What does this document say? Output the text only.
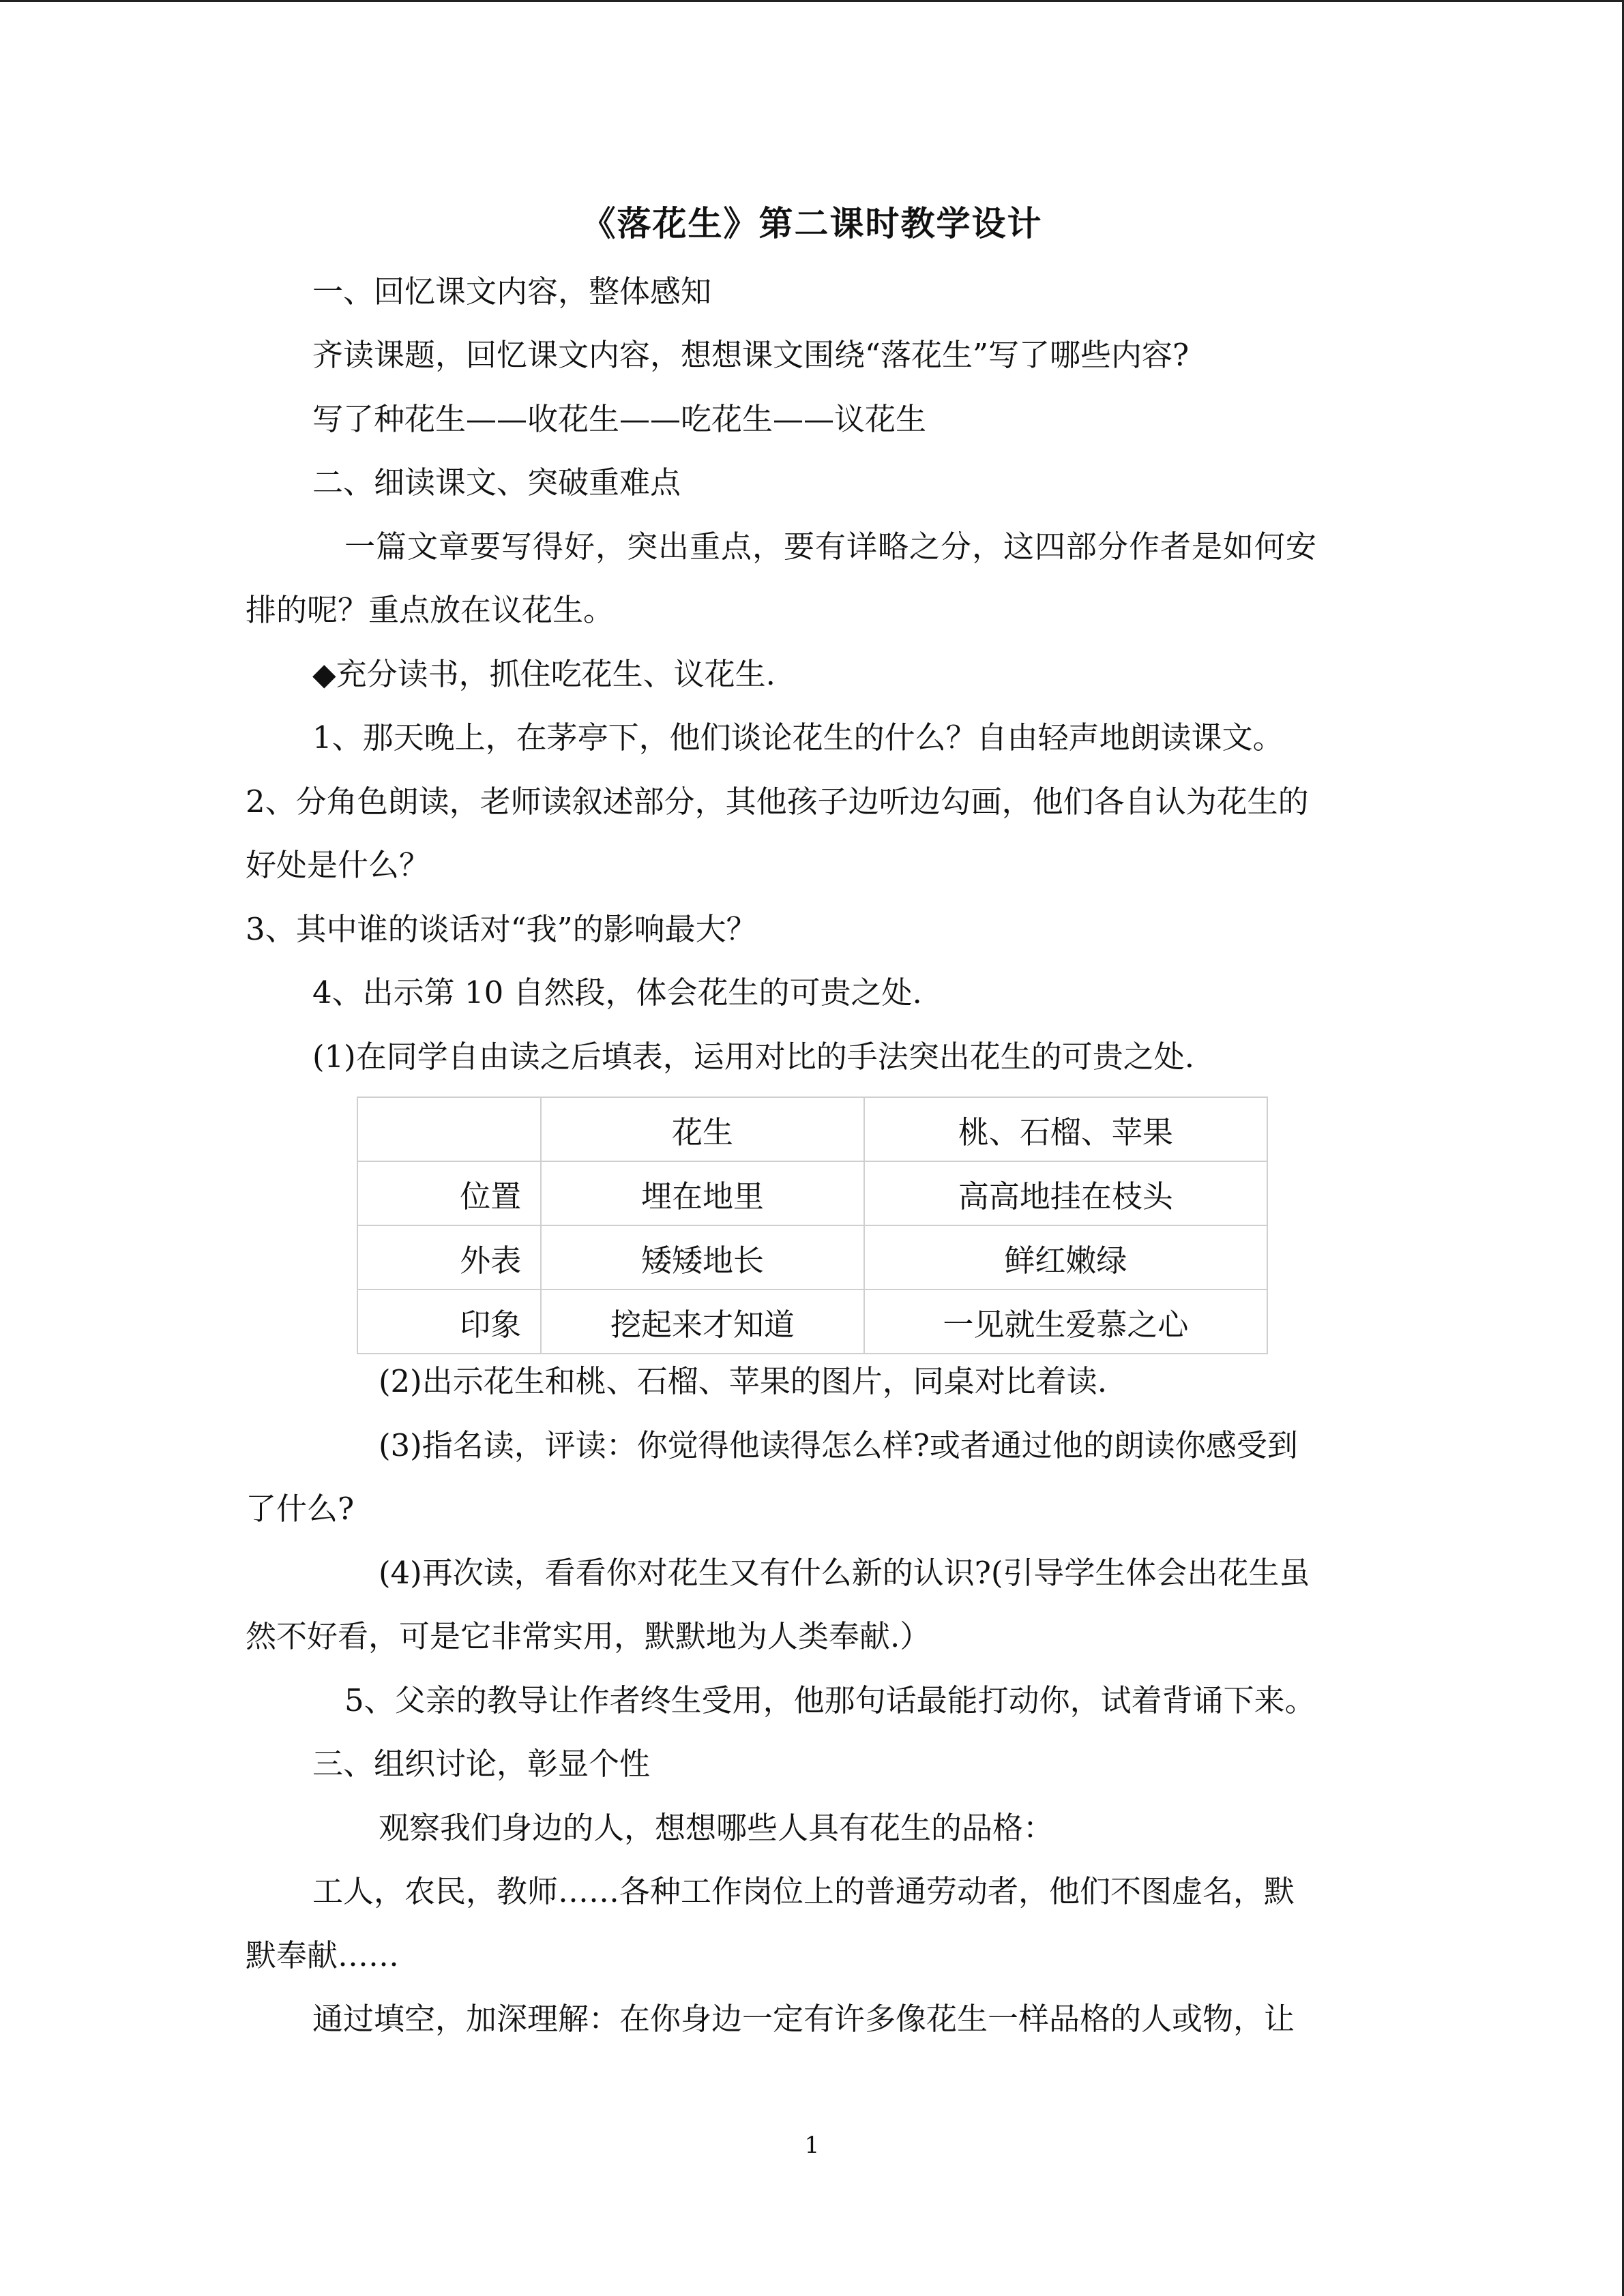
《落花生》第二课时教学设计
一、回忆课文内容，整体感知
齐读课题，回忆课文内容，想想课文围绕“落花生”写了哪些内容?
写了种花生——收花生——吃花生——议花生
二、细读课文、突破重难点
一篇文章要写得好，突出重点，要有详略之分，这四部分作者是如何安
排的呢？重点放在议花生。
◆充分读书，抓住吃花生、议花生.
1、那天晚上，在茅亭下，他们谈论花生的什么？自由轻声地朗读课文。
2、分角色朗读，老师读叙述部分，其他孩子边听边勾画，他们各自认为花生的
好处是什么？
3、其中谁的谈话对“我”的影响最大？
4、出示第 10 自然段，体会花生的可贵之处.
(1)在同学自由读之后填表，运用对比的手法突出花生的可贵之处.
	花生	桃、石榴、苹果
位置	埋在地里	高高地挂在枝头
外表	矮矮地长	鲜红嫩绿
印象	挖起来才知道	一见就生爱慕之心
(2)出示花生和桃、石榴、苹果的图片，同桌对比着读.
(3)指名读，评读：你觉得他读得怎么样?或者通过他的朗读你感受到
了什么?
(4)再次读，看看你对花生又有什么新的认识?(引导学生体会出花生虽
然不好看，可是它非常实用，默默地为人类奉献.）
5、父亲的教导让作者终生受用，他那句话最能打动你，试着背诵下来。
三、组织讨论，彰显个性
观察我们身边的人，想想哪些人具有花生的品格：
工人，农民，教师……各种工作岗位上的普通劳动者，他们不图虚名，默
默奉献……
通过填空，加深理解：在你身边一定有许多像花生一样品格的人或物，让
1
